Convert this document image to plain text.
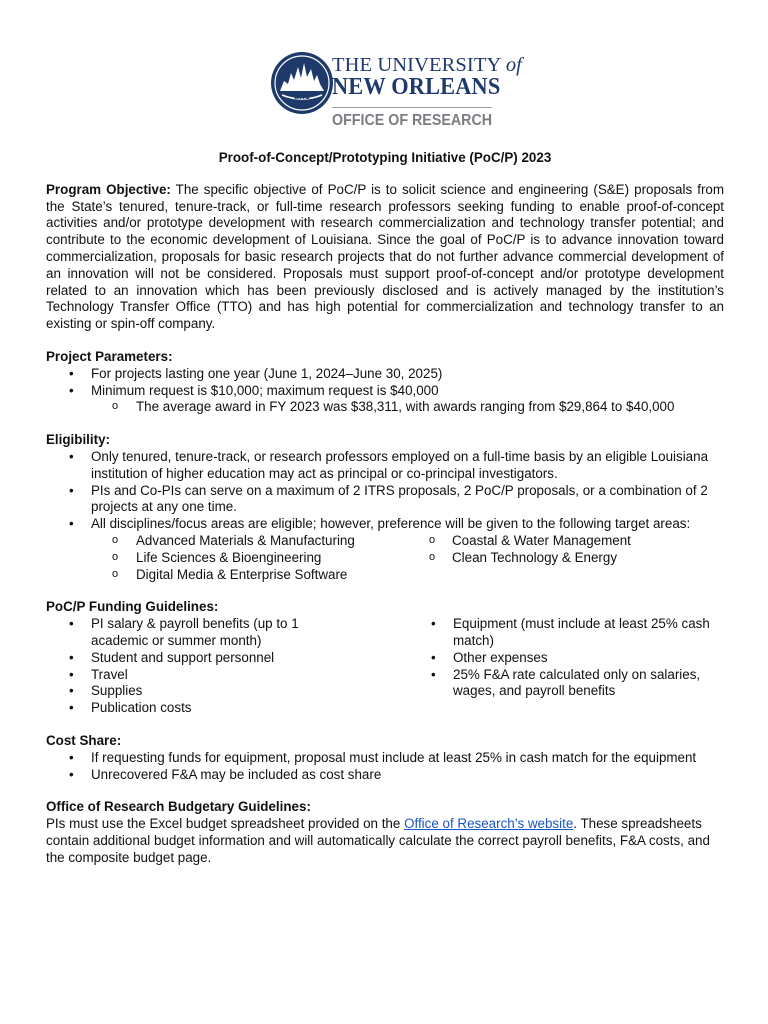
uno
THE UNIVERSITY of
NEW ORLEANS
OFFICE OF RESEARCH
Proof-of-Concept/Prototyping Initiative (PoC/P) 2023

Program Objective: The specific objective of PoC/P is to solicit science and engineering (S&E) proposals from the State’s tenured, tenure-track, or full-time research professors seeking funding to enable proof-of-concept activities and/or prototype development with research commercialization and technology transfer potential; and contribute to the economic development of Louisiana. Since the goal of PoC/P is to advance innovation toward commercialization, proposals for basic research projects that do not further advance commercial development of an innovation will not be considered. Proposals must support proof-of-concept and/or prototype development related to an innovation which has been previously disclosed and is actively managed by the institution’s Technology Transfer Office (TTO) and has high potential for commercialization and technology transfer to an existing or spin-off company.

Project Parameters:
• For projects lasting one year (June 1, 2024–June 30, 2025)
• Minimum request is $10,000; maximum request is $40,000
o The average award in FY 2023 was $38,311, with awards ranging from $29,864 to $40,000
Eligibility:
• Only tenured, tenure-track, or research professors employed on a full-time basis by an eligible Louisiana institution of higher education may act as principal or co-principal investigators.
• PIs and Co-PIs can serve on a maximum of 2 ITRS proposals, 2 PoC/P proposals, or a combination of 2 projects at any one time.
• All disciplines/focus areas are eligible; however, preference will be given to the following target areas:
o Advanced Materials & Manufacturing	o Coastal & Water Management
o Life Sciences & Bioengineering	o Clean Technology & Energy
o Digital Media & Enterprise Software
PoC/P Funding Guidelines:
• PI salary & payroll benefits (up to 1 academic or summer month)
• Student and support personnel
• Travel
• Supplies
• Publication costs
• Equipment (must include at least 25% cash match)
• Other expenses
• 25% F&A rate calculated only on salaries, wages, and payroll benefits
Cost Share:
• If requesting funds for equipment, proposal must include at least 25% in cash match for the equipment
• Unrecovered F&A may be included as cost share
Office of Research Budgetary Guidelines:

PIs must use the Excel budget spreadsheet provided on the Office of Research’s website. These spreadsheets contain additional budget information and will automatically calculate the correct payroll benefits, F&A costs, and the composite budget page.
